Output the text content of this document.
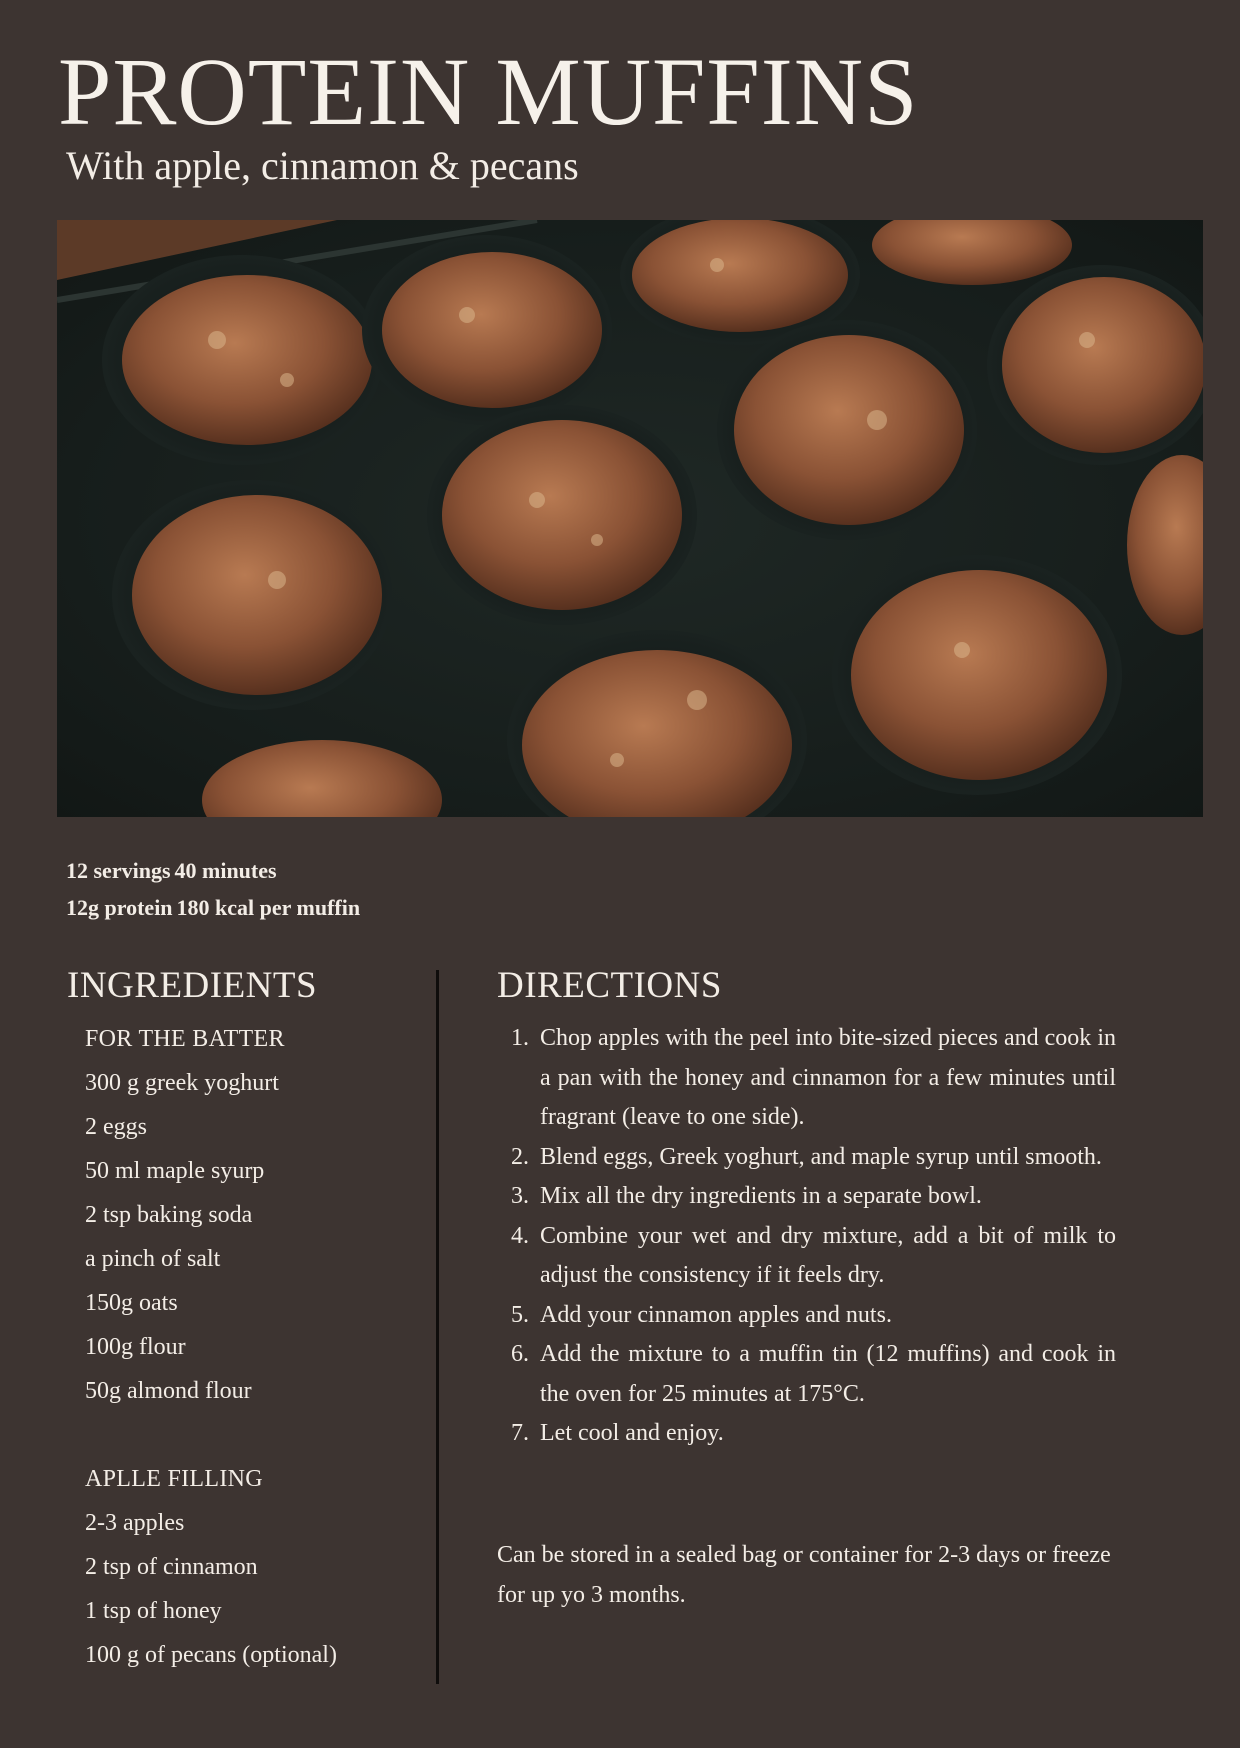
PROTEIN MUFFINS
With apple, cinnamon & pecans
12 servings 40 minutes
12g protein 180 kcal per muffin
INGREDIENTS
FOR THE BATTER
300 g greek yoghurt
2 eggs
50 ml maple syurp
2 tsp baking soda
a pinch of salt
150g oats
100g flour
50g almond flour
APLLE FILLING
2-3 apples
2 tsp of cinnamon
1 tsp of honey
100 g of pecans (optional)
DIRECTIONS
1. Chop apples with the peel into bite-sized pieces and cook in a pan with the honey and cinnamon for a few minutes until fragrant (leave to one side).
2. Blend eggs, Greek yoghurt, and maple syrup until smooth.
3. Mix all the dry ingredients in a separate bowl.
4. Combine your wet and dry mixture, add a bit of milk to adjust the consistency if it feels dry.
5. Add your cinnamon apples and nuts.
6. Add the mixture to a muffin tin (12 muffins) and cook in the oven for 25 minutes at 175°C.
7. Let cool and enjoy.
Can be stored in a sealed bag or container for 2-3 days or freeze for up yo 3 months.
